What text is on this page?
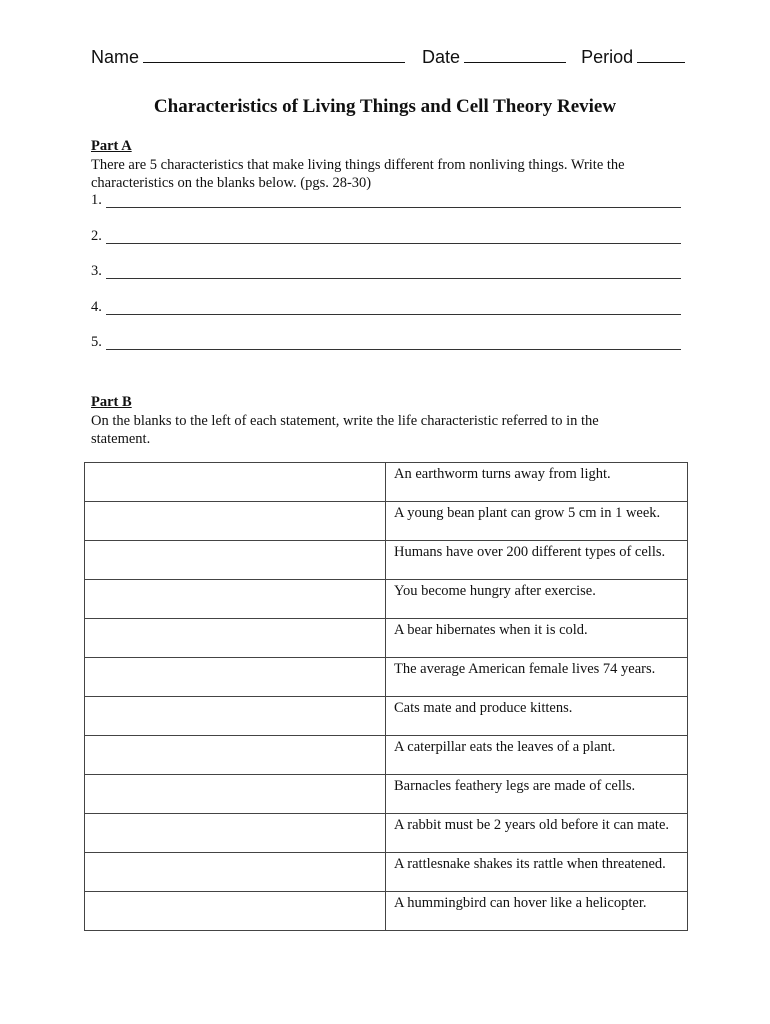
Name	Date	Period
Characteristics of Living Things and Cell Theory Review
Part A
There are 5 characteristics that make living things different from nonliving things. Write the characteristics on the blanks below. (pgs. 28-30)
1.
2.
3.
4.
5.
Part B
On the blanks to the left of each statement, write the life characteristic referred to in the statement.
	An earthworm turns away from light.
	A young bean plant can grow 5 cm in 1 week.
	Humans have over 200 different types of cells.
	You become hungry after exercise.
	A bear hibernates when it is cold.
	The average American female lives 74 years.
	Cats mate and produce kittens.
	A caterpillar eats the leaves of a plant.
	Barnacles feathery legs are made of cells.
	A rabbit must be 2 years old before it can mate.
	A rattlesnake shakes its rattle when threatened.
	A hummingbird can hover like a helicopter.
